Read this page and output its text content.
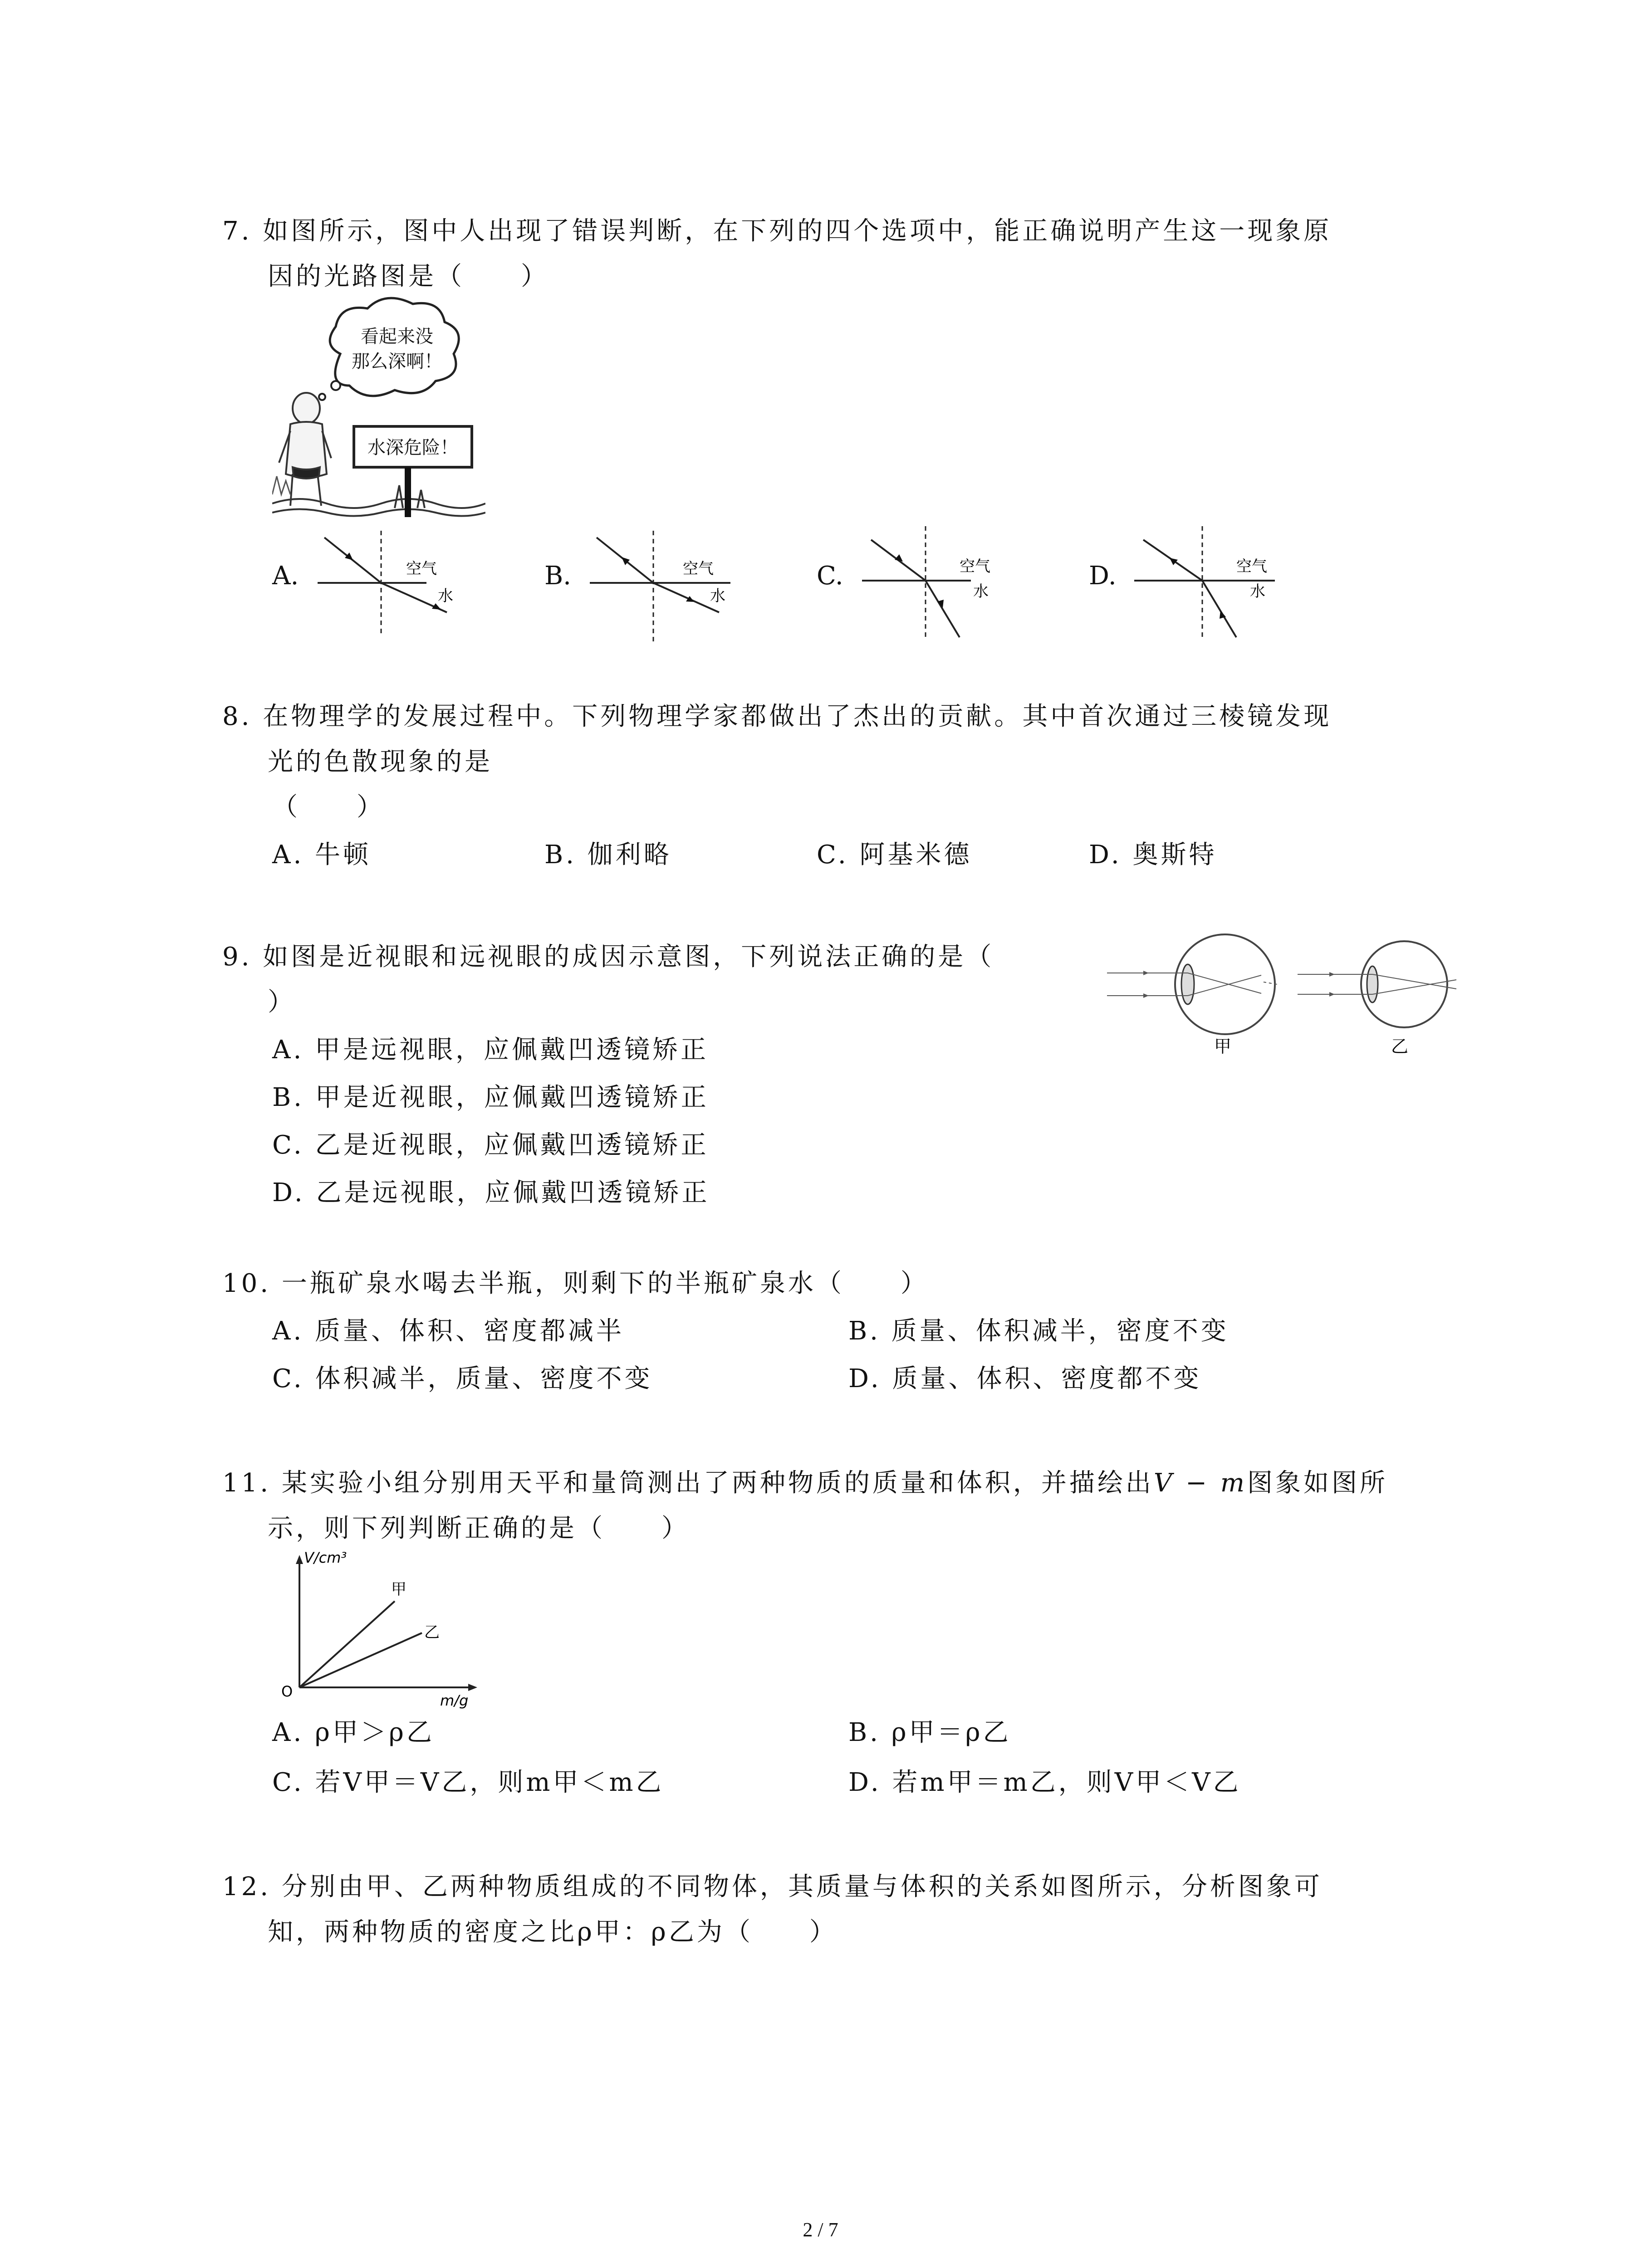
7. 如图所示，图中人出现了错误判断，在下列的四个选项中，能正确说明产生这一现象原
因的光路图是（　　）
看起来没
那么深啊！
水深危险！
A.	空气
水
B.	空气
水
C.	空气
水
D.	空气
水
8. 在物理学的发展过程中。下列物理学家都做出了杰出的贡献。其中首次通过三棱镜发现
光的色散现象的是
（　　）
A. 牛顿	B. 伽利略	C. 阿基米德	D. 奥斯特
9. 如图是近视眼和远视眼的成因示意图，下列说法正确的是（
）
A. 甲是远视眼，应佩戴凹透镜矫正
B. 甲是近视眼，应佩戴凹透镜矫正
C. 乙是近视眼，应佩戴凹透镜矫正
D. 乙是远视眼，应佩戴凹透镜矫正
甲	乙
10. 一瓶矿泉水喝去半瓶，则剩下的半瓶矿泉水（　　）
A. 质量、体积、密度都减半	B. 质量、体积减半，密度不变
C. 体积减半，质量、密度不变	D. 质量、体积、密度都不变
11. 某实验小组分别用天平和量筒测出了两种物质的质量和体积，并描绘出V − m图象如图所
示，则下列判断正确的是（　　）
V/cm³
m/g
O
甲
乙
A. ρ甲＞ρ乙	B. ρ甲＝ρ乙
C. 若V甲＝V乙，则m甲＜m乙	D. 若m甲＝m乙，则V甲＜V乙
12. 分别由甲、乙两种物质组成的不同物体，其质量与体积的关系如图所示，分析图象可
知，两种物质的密度之比ρ甲：ρ乙为（　　）
2 / 7
